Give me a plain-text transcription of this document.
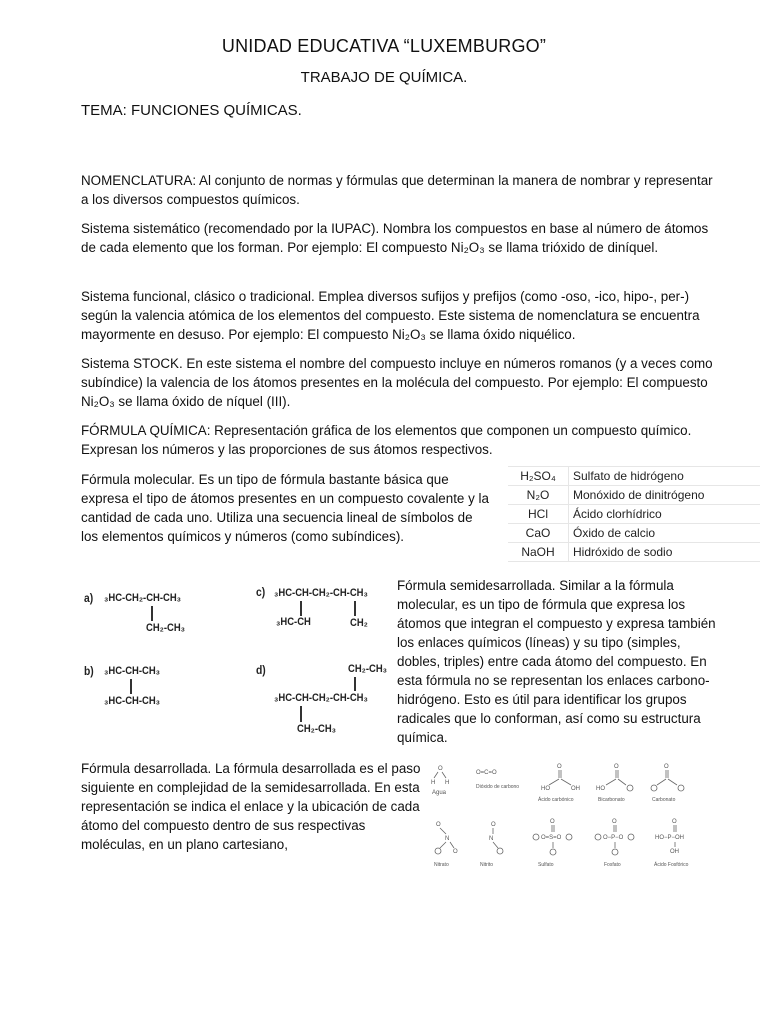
UNIDAD EDUCATIVA “LUXEMBURGO”
TRABAJO DE QUÍMICA.
TEMA: FUNCIONES QUÍMICAS.

NOMENCLATURA: Al conjunto de normas y fórmulas que determinan la manera de nombrar y representar a los diversos compuestos químicos.

Sistema sistemático (recomendado por la IUPAC). Nombra los compuestos en base al número de átomos de cada elemento que los forman. Por ejemplo: El compuesto Ni₂O₃ se llama trióxido de diníquel.

Sistema funcional, clásico o tradicional. Emplea diversos sufijos y prefijos (como -oso, -ico, hipo-, per-) según la valencia atómica de los elementos del compuesto. Este sistema de nomenclatura se encuentra mayormente en desuso. Por ejemplo: El compuesto Ni₂O₃ se llama óxido niquélico.

Sistema STOCK. En este sistema el nombre del compuesto incluye en números romanos (y a veces como subíndice) la valencia de los átomos presentes en la molécula del compuesto. Por ejemplo: El compuesto Ni₂O₃ se llama óxido de níquel (III).

FÓRMULA QUÍMICA: Representación gráfica de los elementos que componen un compuesto químico. Expresan los números y las proporciones de sus átomos respectivos.

Fórmula molecular. Es un tipo de fórmula bastante básica que expresa el tipo de átomos presentes en un compuesto covalente y la cantidad de cada uno. Utiliza una secuencia lineal de símbolos de los elementos químicos y números (como subíndices).

H₂SO₄	Sulfato de hidrógeno
N₂O	Monóxido de dinitrógeno
HCl	Ácido clorhídrico
CaO	Óxido de calcio
NaOH	Hidróxido de sodio
a) ₃HC-CH₂-CH-CH₃
CH₂-CH₃
c) ₃HC-CH-CH₂-CH-CH₃
₃HC-CH	CH₂
b) ₃HC-CH-CH₃
₃HC-CH-CH₃
d)	CH₂-CH₃
₃HC-CH-CH₂-CH-CH₃
CH₂-CH₃

Fórmula semidesarrollada. Similar a la fórmula molecular, es un tipo de fórmula que expresa los átomos que integran el compuesto y expresa también los enlaces químicos (líneas) y su tipo (simples, dobles, triples) entre cada átomo del compuesto. En esta fórmula no se representan los enlaces carbono-hidrógeno. Esto es útil para identificar los grupos radicales que lo conforman, así como su estructura química.

Fórmula desarrollada. La fórmula desarrollada es el paso siguiente en complejidad de la semidesarrollada. En esta representación se indica el enlace y la ubicación de cada átomo del compuesto dentro de sus respectivas moléculas, en un plano cartesiano,

O
H H
Agua
O=C=O
Dióxido de carbono
O
HO	OH
Ácido carbónico
O
HO
Bicarbonato
O
Carbonato
O
N
O
Nitrato
O
N
Nitrito
O
O=S=O
Sulfato
O
O−P−O
Fosfato
O
HO−P−OH
OH
Ácido Fosfórico
